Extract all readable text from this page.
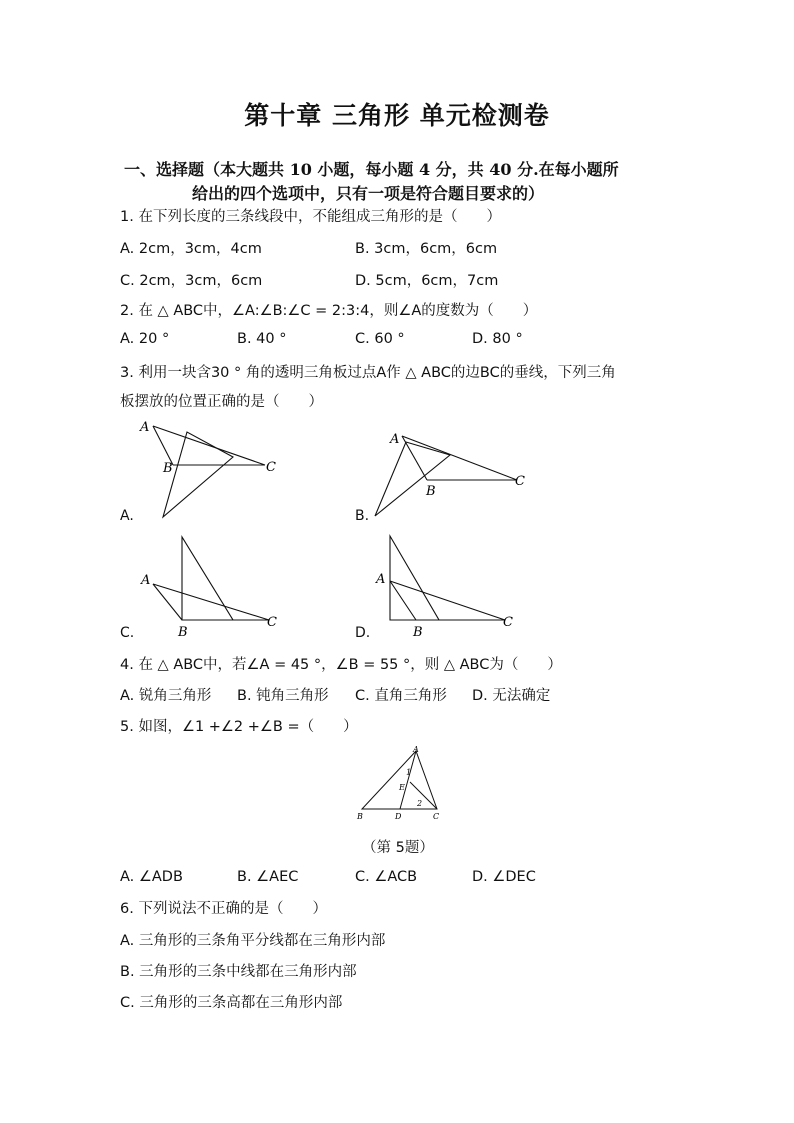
第十章 三角形 单元检测卷
一、选择题（本大题共 10 小题，每小题 4 分，共 40 分.在每小题所
给出的四个选项中，只有一项是符合题目要求的）
1. 在下列长度的三条线段中，不能组成三角形的是（　　）
A. 2cm，3cm，4cm	B. 3cm，6cm，6cm
C. 2cm，3cm，6cm	D. 5cm，6cm，7cm
2. 在 △ ABC中，∠A:∠B:∠C = 2:3:4，则∠A的度数为（　　）
A. 20 °	B. 40 °	C. 60 °	D. 80 °
3. 利用一块含30 ° 角的透明三角板过点A作 △ ABC的边BC的垂线，下列三角
板摆放的位置正确的是（　　）
A
B	C
A.
A
B
C
B.
A
B
C
C.
A
B
C
D.
4. 在 △ ABC中，若∠A = 45 °，∠B = 55 °，则 △ ABC为（　　）
A. 锐角三角形 B. 钝角三角形 C. 直角三角形 D. 无法确定
5. 如图，∠1 +∠2 +∠B =（　　）
A
1
E
2
B	D	C
（第 5题）
A. ∠ADB	B. ∠AEC	C. ∠ACB	D. ∠DEC
6. 下列说法不正确的是（　　）
A. 三角形的三条角平分线都在三角形内部
B. 三角形的三条中线都在三角形内部
C. 三角形的三条高都在三角形内部
